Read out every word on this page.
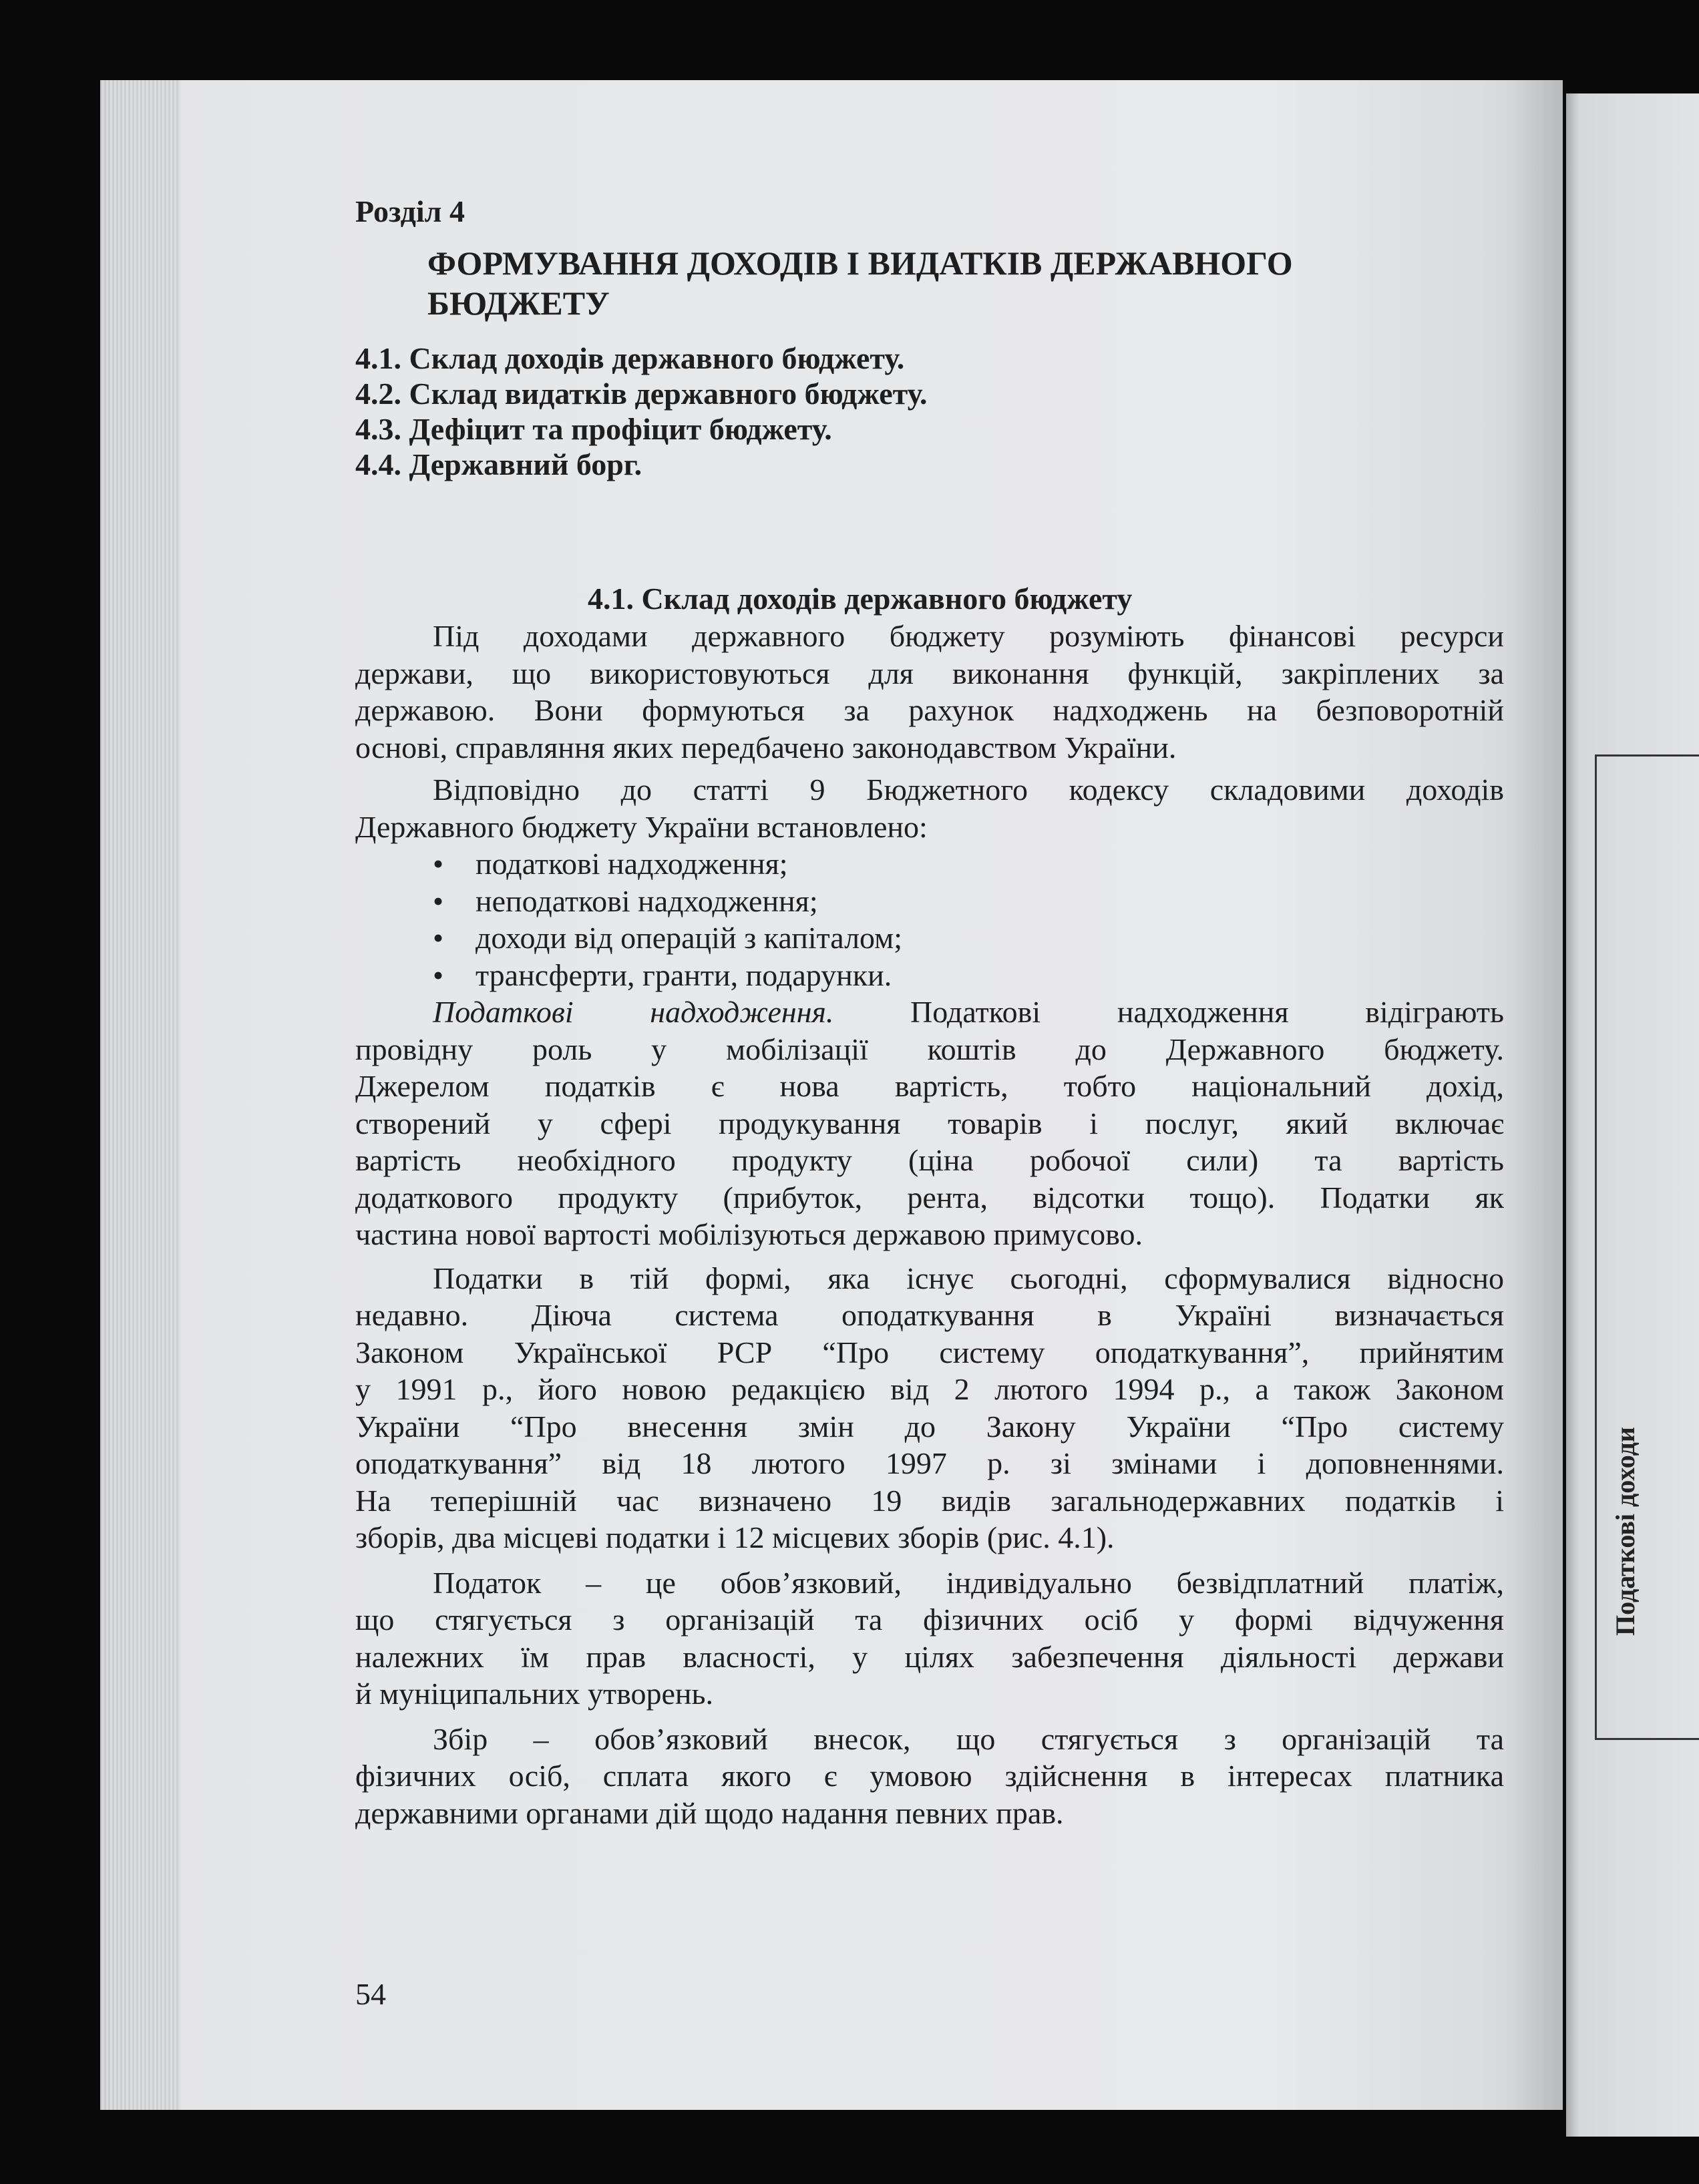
Податкові доходи
Розділ 4
ФОРМУВАННЯ ДОХОДІВ І ВИДАТКІВ ДЕРЖАВНОГО
БЮДЖЕТУ
4.1. Склад доходів державного бюджету.
4.2. Склад видатків державного бюджету.
4.3. Дефіцит та профіцит бюджету.
4.4. Державний борг.
4.1. Склад доходів державного бюджету
Під доходами державного бюджету розуміють фінансові ресурси
держави, що використовуються для виконання функцій, закріплених за
державою. Вони формуються за рахунок надходжень на безповоротній
основі, справляння яких передбачено законодавством України.
Відповідно до статті 9 Бюджетного кодексу складовими доходів
Державного бюджету України встановлено:
• податкові надходження;
• неподаткові надходження;
• доходи від операцій з капіталом;
• трансферти, гранти, подарунки.
Податкові надходження. Податкові надходження відіграють
провідну роль у мобілізації коштів до Державного бюджету.
Джерелом податків є нова вартість, тобто національний дохід,
створений у сфері продукування товарів і послуг, який включає
вартість необхідного продукту (ціна робочої сили) та вартість
додаткового продукту (прибуток, рента, відсотки тощо). Податки як
частина нової вартості мобілізуються державою примусово.
Податки в тій формі, яка існує сьогодні, сформувалися відносно
недавно. Діюча система оподаткування в Україні визначається
Законом Української РСР “Про систему оподаткування”, прийнятим
у 1991 р., його новою редакцією від 2 лютого 1994 р., а також Законом
України “Про внесення змін до Закону України “Про систему
оподаткування” від 18 лютого 1997 р. зі змінами і доповненнями.
На теперішній час визначено 19 видів загальнодержавних податків і
зборів, два місцеві податки і 12 місцевих зборів (рис. 4.1).
Податок – це обов’язковий, індивідуально безвідплатний платіж,
що стягується з організацій та фізичних осіб у формі відчуження
належних їм прав власності, у цілях забезпечення діяльності держави
й муніципальних утворень.
Збір – обов’язковий внесок, що стягується з організацій та
фізичних осіб, сплата якого є умовою здійснення в інтересах платника
державними органами дій щодо надання певних прав.
54
